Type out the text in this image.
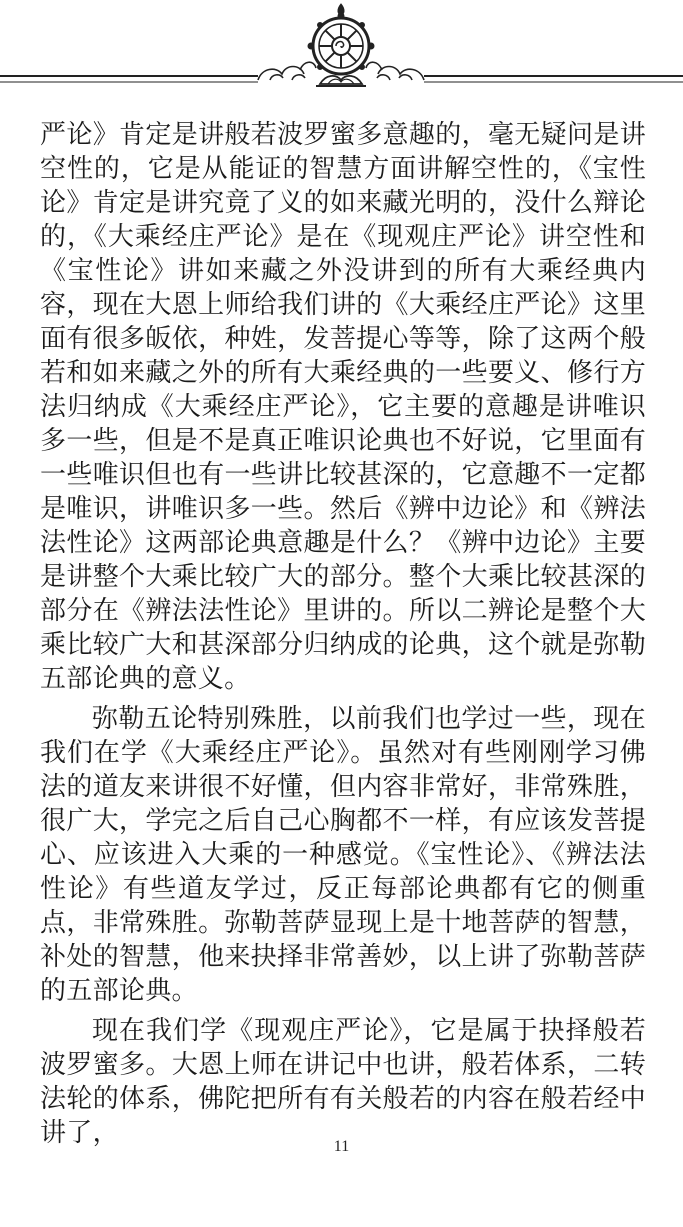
严论》肯定是讲般若波罗蜜多意趣的，毫无疑问是讲空性的，它是从能证的智慧方面讲解空性的，《宝性论》肯定是讲究竟了义的如来藏光明的，没什么辩论的，《大乘经庄严论》是在《现观庄严论》讲空性和《宝性论》讲如来藏之外没讲到的所有大乘经典内容，现在大恩上师给我们讲的《大乘经庄严论》这里面有很多皈依，种姓，发菩提心等等，除了这两个般若和如来藏之外的所有大乘经典的一些要义、修行方法归纳成《大乘经庄严论》，它主要的意趣是讲唯识多一些，但是不是真正唯识论典也不好说，它里面有一些唯识但也有一些讲比较甚深的，它意趣不一定都是唯识，讲唯识多一些。然后《辨中边论》和《辨法法性论》这两部论典意趣是什么？《辨中边论》主要是讲整个大乘比较广大的部分。整个大乘比较甚深的部分在《辨法法性论》里讲的。所以二辨论是整个大乘比较广大和甚深部分归纳成的论典，这个就是弥勒五部论典的意义。

弥勒五论特别殊胜，以前我们也学过一些，现在我们在学《大乘经庄严论》。虽然对有些刚刚学习佛法的道友来讲很不好懂，但内容非常好，非常殊胜，很广大，学完之后自己心胸都不一样，有应该发菩提心、应该进入大乘的一种感觉。《宝性论》、《辨法法性论》有些道友学过，反正每部论典都有它的侧重点，非常殊胜。弥勒菩萨显现上是十地菩萨的智慧，补处的智慧，他来抉择非常善妙，以上讲了弥勒菩萨的五部论典。

现在我们学《现观庄严论》，它是属于抉择般若波罗蜜多。大恩上师在讲记中也讲，般若体系，二转法轮的体系，佛陀把所有有关般若的内容在般若经中讲了，	11
